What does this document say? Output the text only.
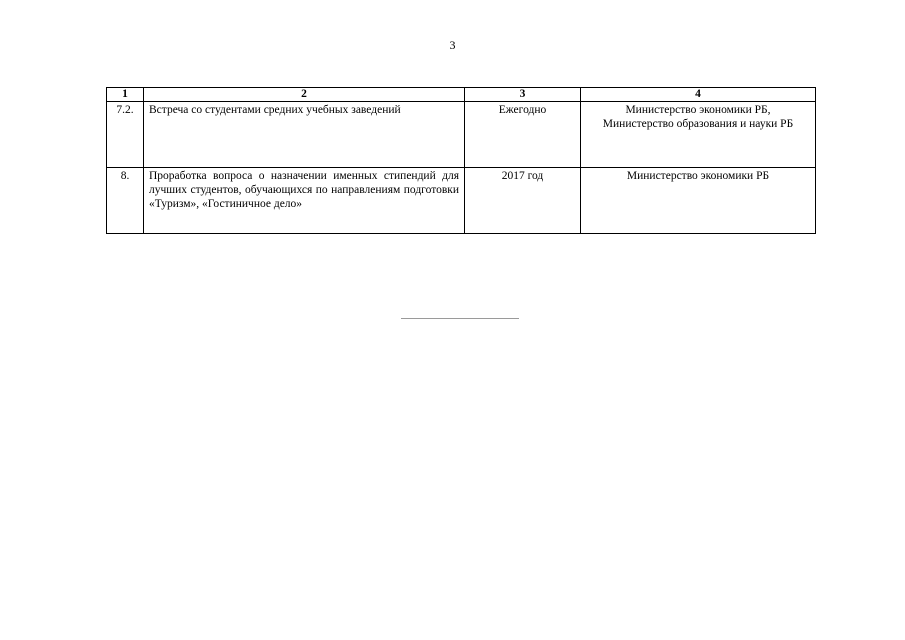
3
1	2	3	4
7.2.	Встреча со студентами средних учебных заведений	Ежегодно	Министерство экономики РБ,
Министерство образования и науки РБ

8.	Проработка вопроса о назначении именных стипендий для лучших студентов, обучающихся по направлениям подготовки «Туризм», «Гостиничное дело»	2017 год	Министерство экономики РБ
